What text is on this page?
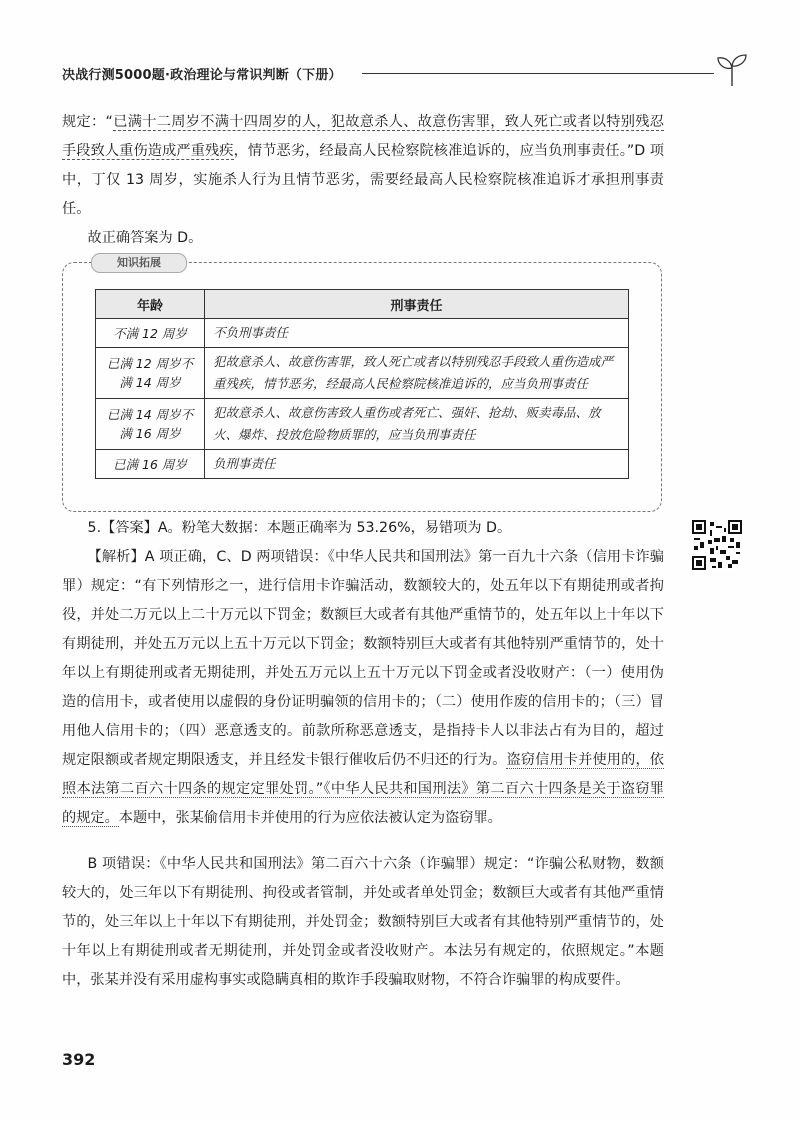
决战行测5000题·政治理论与常识判断（下册）

规定：“已满十二周岁不满十四周岁的人，犯故意杀人、故意伤害罪，致人死亡或者以特别残忍手段致人重伤造成严重残疾，情节恶劣，经最高人民检察院核准追诉的，应当负刑事责任。”D 项中，丁仅 13 周岁，实施杀人行为且情节恶劣，需要经最高人民检察院核准追诉才承担刑事责任。

故正确答案为 D。

知识拓展
年龄	刑事责任
不满 12 周岁	不负刑事责任
已满 12 周岁不满 14 周岁	犯故意杀人、故意伤害罪，致人死亡或者以特别残忍手段致人重伤造成严重残疾，情节恶劣，经最高人民检察院核准追诉的，应当负刑事责任
已满 14 周岁不满 16 周岁	犯故意杀人、故意伤害致人重伤或者死亡、强奸、抢劫、贩卖毒品、放火、爆炸、投放危险物质罪的，应当负刑事责任
已满 16 周岁	负刑事责任

5.【答案】A。粉笔大数据：本题正确率为 53.26%，易错项为 D。

【解析】A 项正确，C、D 两项错误：《中华人民共和国刑法》第一百九十六条（信用卡诈骗罪）规定：“有下列情形之一，进行信用卡诈骗活动，数额较大的，处五年以下有期徒刑或者拘役，并处二万元以上二十万元以下罚金；数额巨大或者有其他严重情节的，处五年以上十年以下有期徒刑，并处五万元以上五十万元以下罚金；数额特别巨大或者有其他特别严重情节的，处十年以上有期徒刑或者无期徒刑，并处五万元以上五十万元以下罚金或者没收财产：（一）使用伪造的信用卡，或者使用以虚假的身份证明骗领的信用卡的；（二）使用作废的信用卡的；（三）冒用他人信用卡的；（四）恶意透支的。前款所称恶意透支，是指持卡人以非法占有为目的，超过规定限额或者规定期限透支，并且经发卡银行催收后仍不归还的行为。盗窃信用卡并使用的，依照本法第二百六十四条的规定定罪处罚。”《中华人民共和国刑法》第二百六十四条是关于盗窃罪的规定。本题中，张某偷信用卡并使用的行为应依法被认定为盗窃罪。

B 项错误：《中华人民共和国刑法》第二百六十六条（诈骗罪）规定：“诈骗公私财物，数额较大的，处三年以下有期徒刑、拘役或者管制，并处或者单处罚金；数额巨大或者有其他严重情节的，处三年以上十年以下有期徒刑，并处罚金；数额特别巨大或者有其他特别严重情节的，处十年以上有期徒刑或者无期徒刑，并处罚金或者没收财产。本法另有规定的，依照规定。”本题中，张某并没有采用虚构事实或隐瞒真相的欺诈手段骗取财物，不符合诈骗罪的构成要件。

392
